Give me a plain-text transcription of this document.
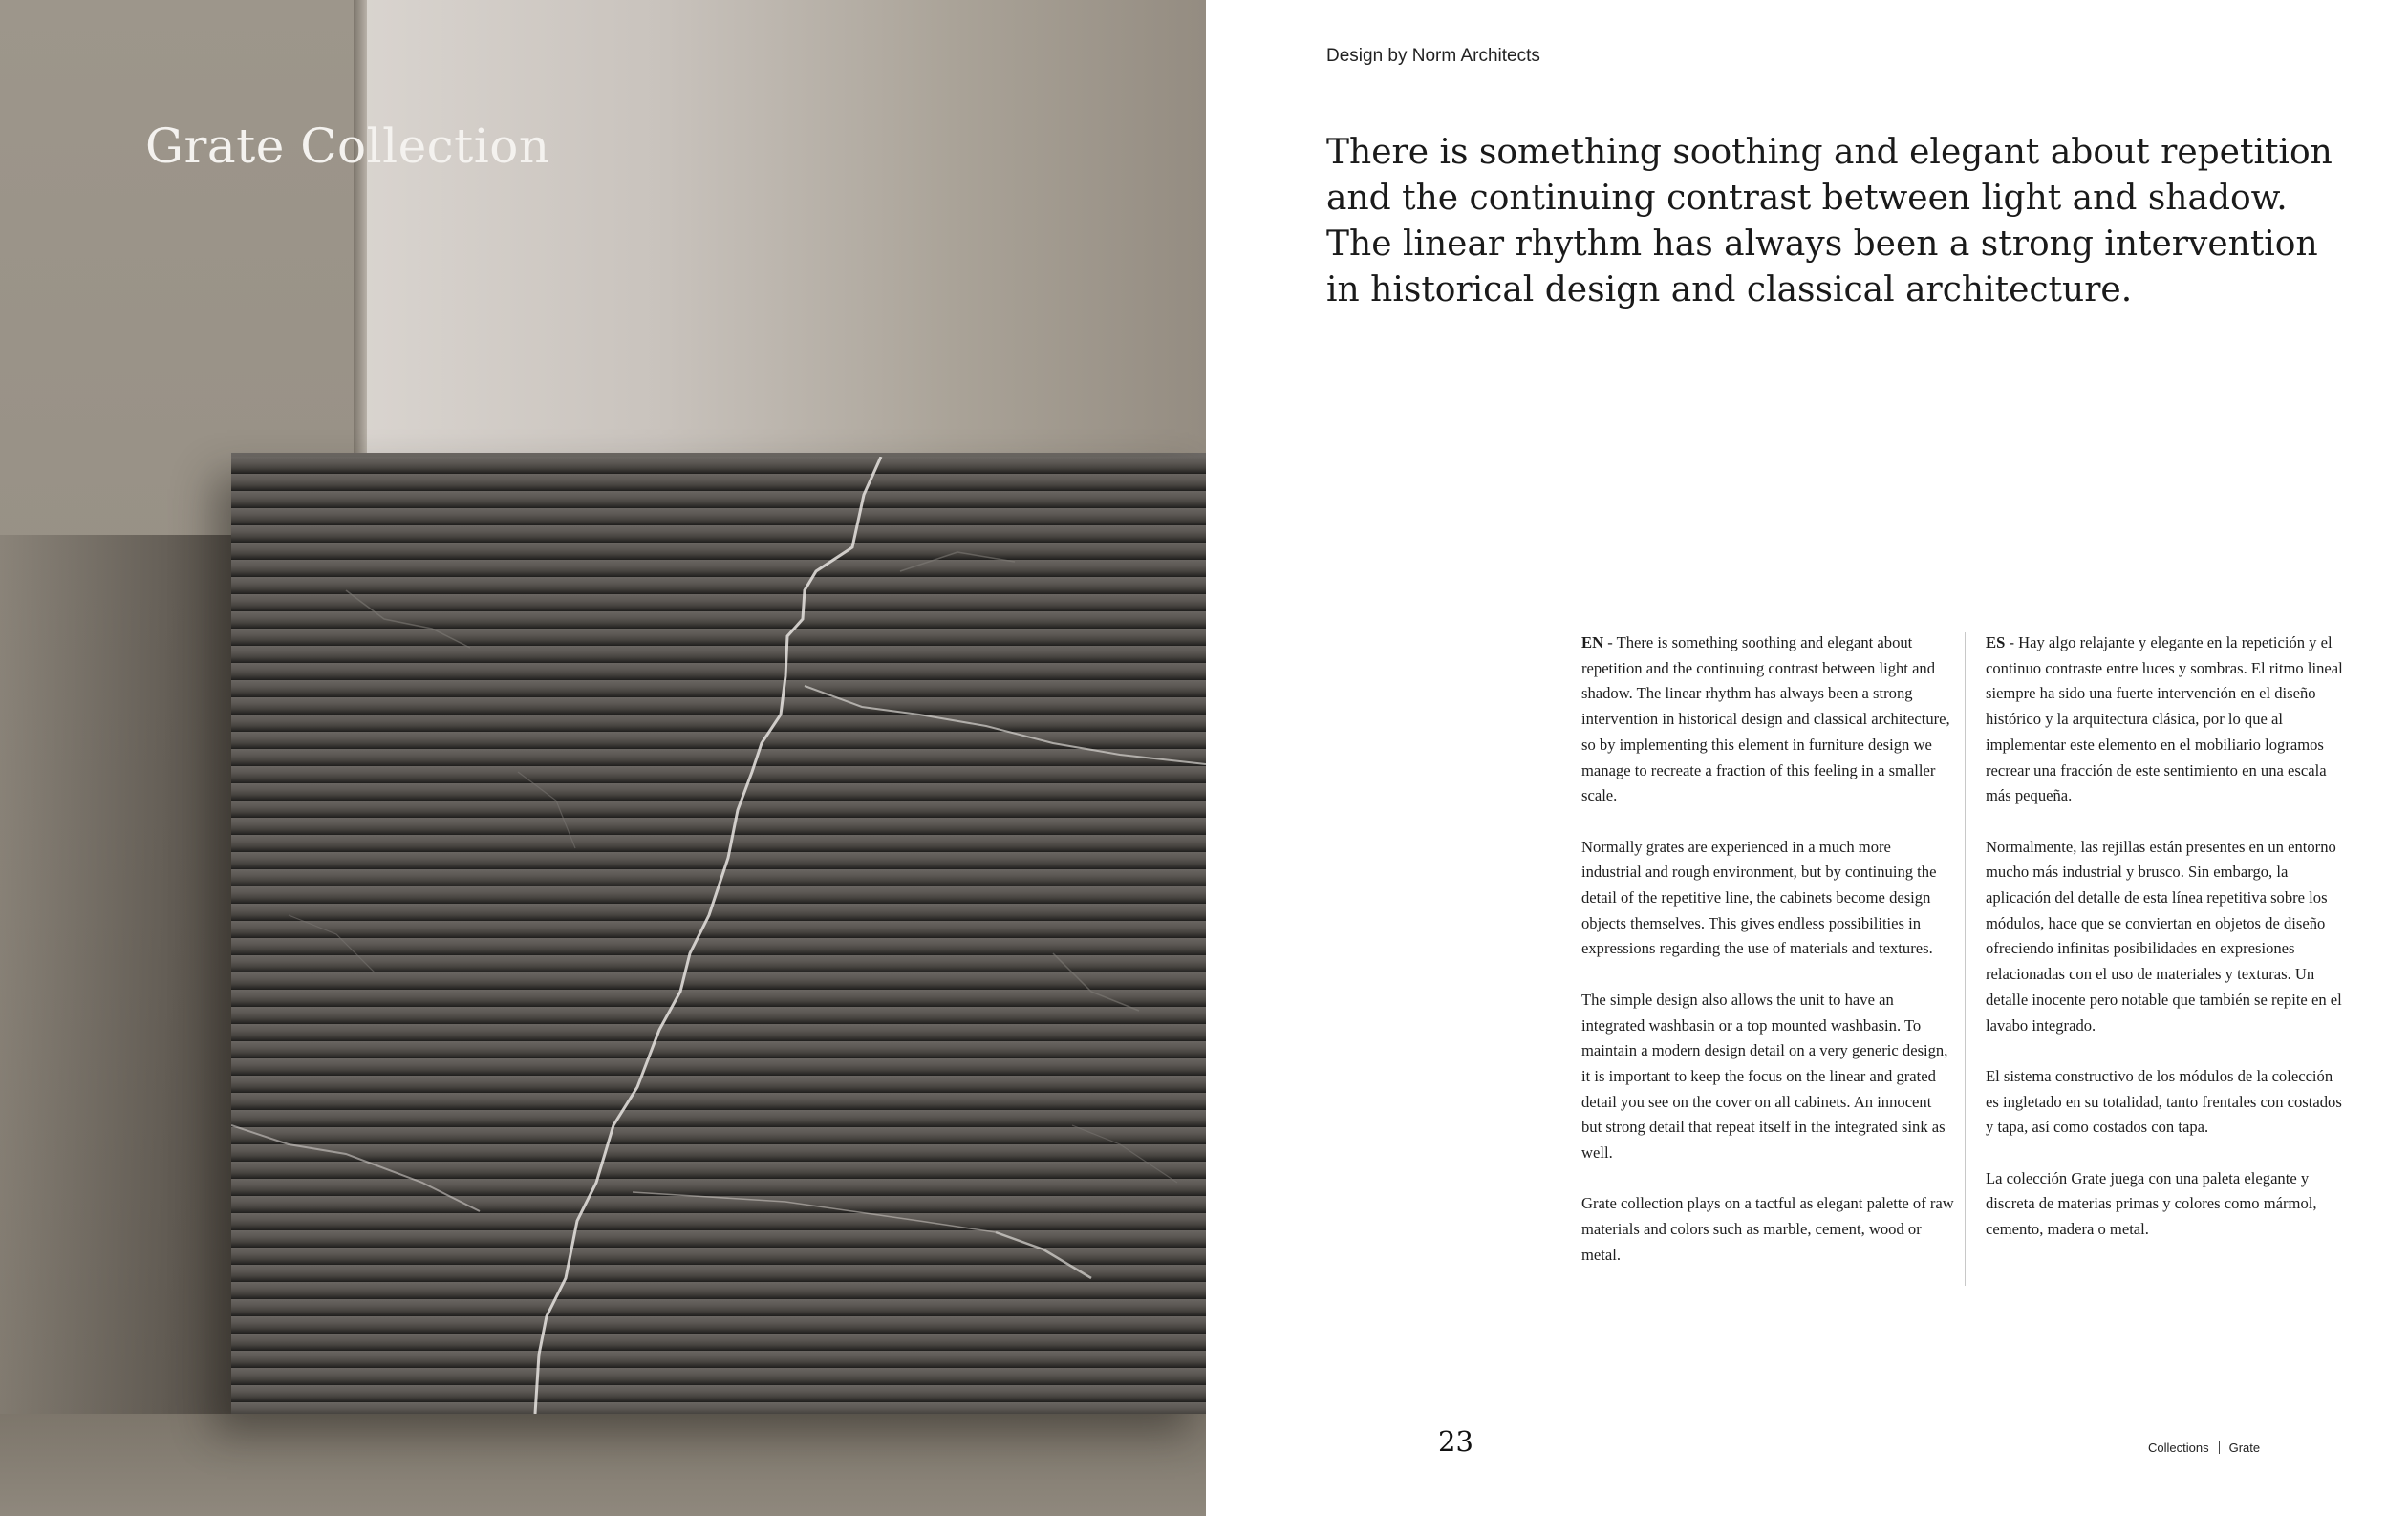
Grate Collection
Design by Norm Architects
There is something soothing and elegant about repetition and the continuing contrast between light and shadow. The linear rhythm has always been a strong intervention in historical design and classical architecture.

EN - There is something soothing and elegant about repetition and the continuing contrast between light and shadow. The linear rhythm has always been a strong intervention in historical design and classical architecture, so by implementing this element in furniture design we manage to recreate a fraction of this feeling in a smaller scale.

Normally grates are experienced in a much more industrial and rough environment, but by continuing the detail of the repetitive line, the cabinets become design objects themselves. This gives endless possibilities in expressions regarding the use of materials and textures.

The simple design also allows the unit to have an integrated washbasin or a top mounted washbasin. To maintain a modern design detail on a very generic design, it is important to keep the focus on the linear and grated detail you see on the cover on all cabinets. An innocent but strong detail that repeat itself in the integrated sink as well.

Grate collection plays on a tactful as elegant palette of raw materials and colors such as marble, cement, wood or metal.

ES - Hay algo relajante y elegante en la repetición y el continuo contraste entre luces y sombras. El ritmo lineal siempre ha sido una fuerte intervención en el diseño histórico y la arquitectura clásica, por lo que al implementar este elemento en el mobiliario logramos recrear una fracción de este sentimiento en una escala más pequeña.

Normalmente, las rejillas están presentes en un entorno mucho más industrial y brusco. Sin embargo, la aplicación del detalle de esta línea repetitiva sobre los módulos, hace que se conviertan en objetos de diseño ofreciendo infinitas posibilidades en expresiones relacionadas con el uso de materiales y texturas. Un detalle inocente pero notable que también se repite en el lavabo integrado.

El sistema constructivo de los módulos de la colección es ingletado en su totalidad, tanto frentales con costados y tapa, así como costados con tapa.

La colección Grate juega con una paleta elegante y discreta de materias primas y colores como mármol, cemento, madera o metal.

23	Collections Grate
